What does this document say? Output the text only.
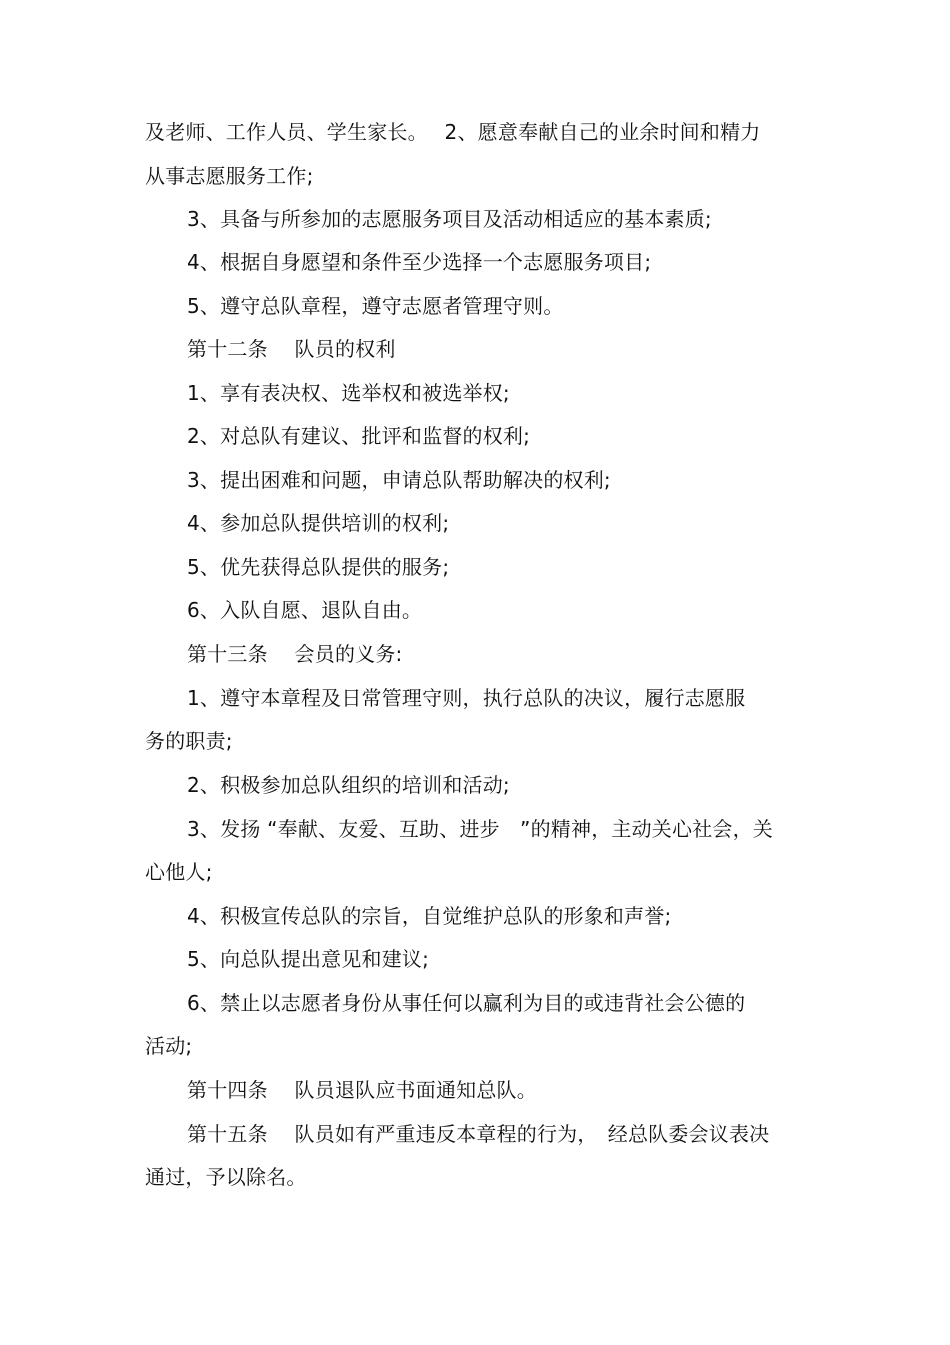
及老师、工作人员、学生家长。　 2、愿意奉献自己的业余时间和精力

从事志愿服务工作;

3、具备与所参加的志愿服务项目及活动相适应的基本素质;

4、根据自身愿望和条件至少选择一个志愿服务项目;

5、遵守总队章程，遵守志愿者管理守则。

第十二条　 队员的权利

1、享有表决权、选举权和被选举权;

2、对总队有建议、批评和监督的权利;

3、提出困难和问题，申请总队帮助解决的权利;

4、参加总队提供培训的权利;

5、优先获得总队提供的服务;

6、入队自愿、退队自由。

第十三条　 会员的义务:

1、遵守本章程及日常管理守则，执行总队的决议，履行志愿服

务的职责;

2、积极参加总队组织的培训和活动;

3、发扬 “奉献、友爱、互助、进步　”的精神，主动关心社会，关

心他人;

4、积极宣传总队的宗旨，自觉维护总队的形象和声誉;

5、向总队提出意见和建议;

6、禁止以志愿者身份从事任何以赢利为目的或违背社会公德的

活动;

第十四条　 队员退队应书面通知总队。

第十五条　 队员如有严重违反本章程的行为，　经总队委会议表决

通过，予以除名。
